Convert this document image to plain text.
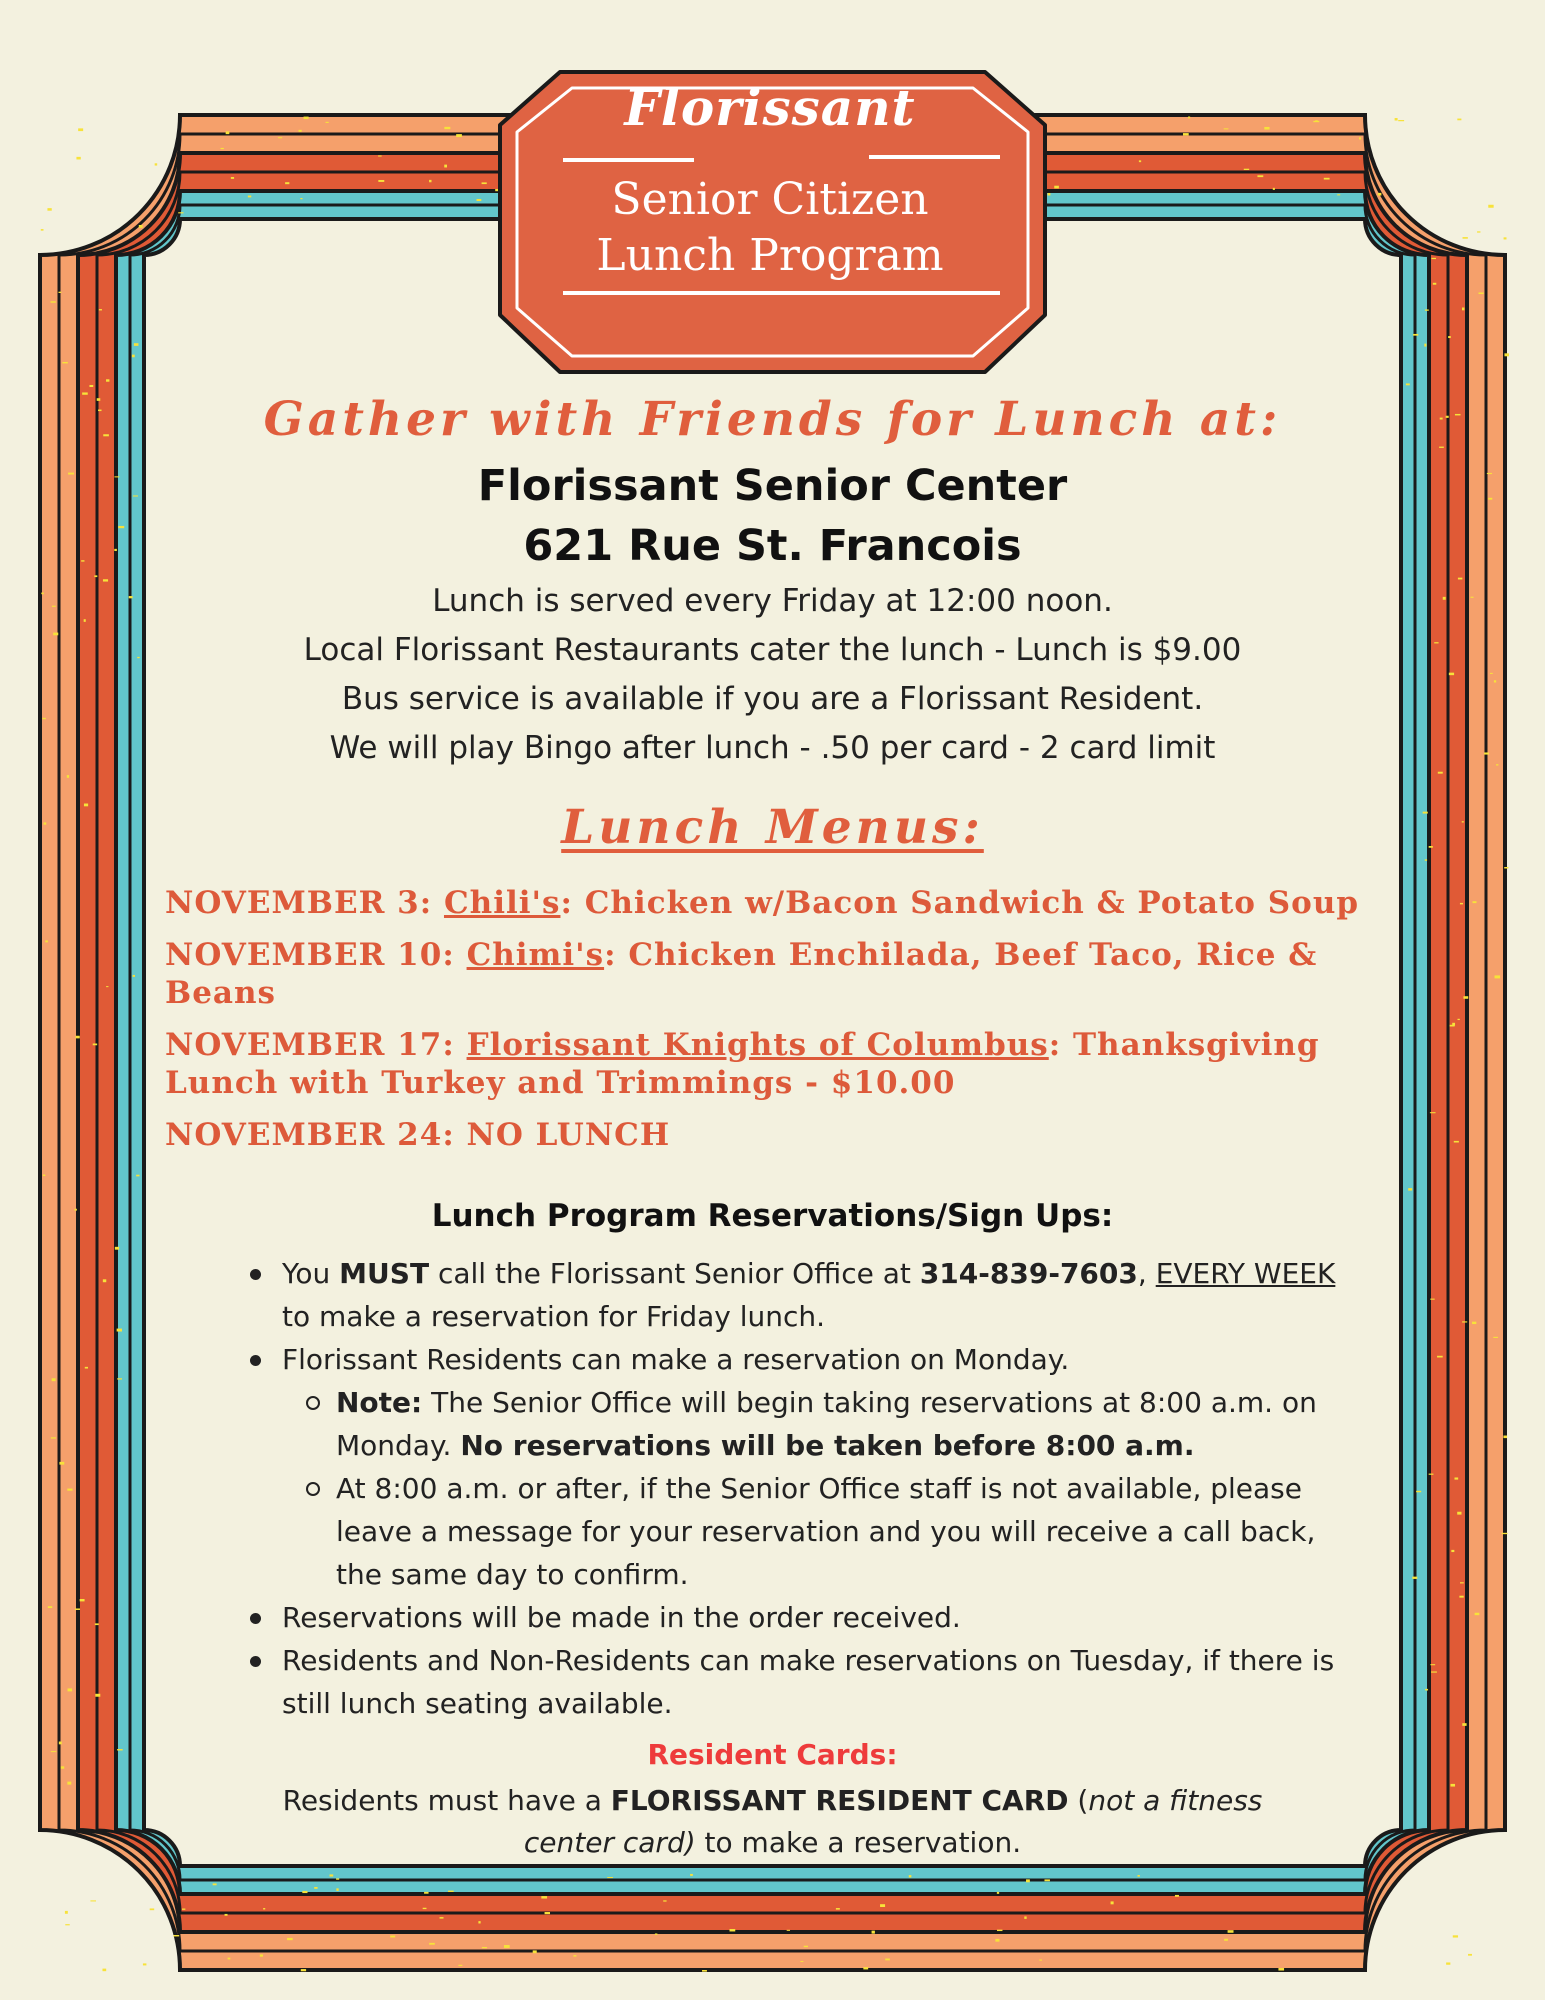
Florissant
Senior Citizen
Lunch Program
Gather with Friends for Lunch at:
Florissant Senior Center
621 Rue St. Francois
Lunch is served every Friday at 12:00 noon.
Local Florissant Restaurants cater the lunch - Lunch is $9.00
Bus service is available if you are a Florissant Resident.
We will play Bingo after lunch - .50 per card - 2 card limit
Lunch Menus:
NOVEMBER 3: Chili's: Chicken w/Bacon Sandwich & Potato Soup
NOVEMBER 10: Chimi's: Chicken Enchilada, Beef Taco, Rice & Beans
NOVEMBER 17: Florissant Knights of Columbus: Thanksgiving Lunch with Turkey and Trimmings - $10.00
NOVEMBER 24: NO LUNCH
Lunch Program Reservations/Sign Ups:
You MUST call the Florissant Senior Office at 314-839-7603, EVERY WEEK to make a reservation for Friday lunch.
Florissant Residents can make a reservation on Monday.
Note: The Senior Office will begin taking reservations at 8:00 a.m. on Monday. No reservations will be taken before 8:00 a.m.
At 8:00 a.m. or after, if the Senior Office staff is not available, please leave a message for your reservation and you will receive a call back, the same day to confirm.
Reservations will be made in the order received.
Residents and Non-Residents can make reservations on Tuesday, if there is still lunch seating available.
Resident Cards:
Residents must have a FLORISSANT RESIDENT CARD (not a fitness center card) to make a reservation.
